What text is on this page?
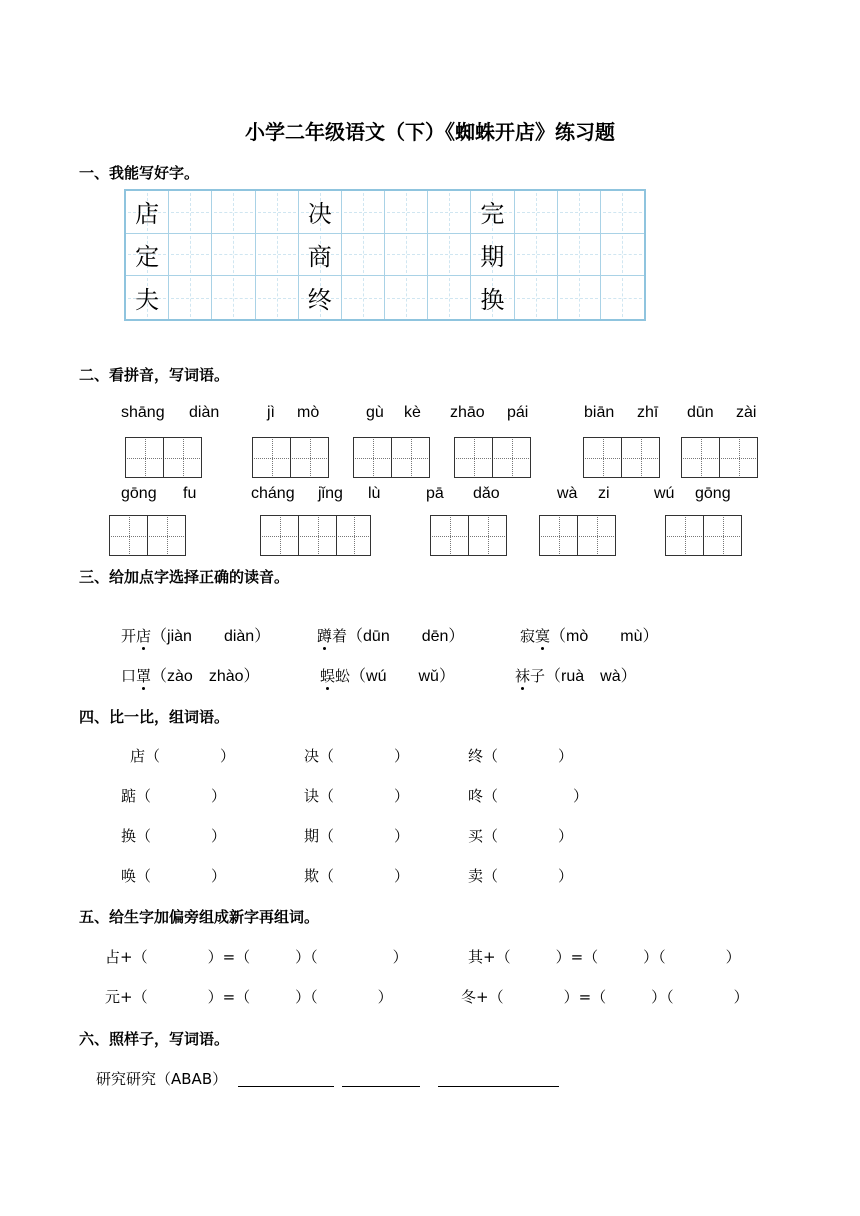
小学二年级语文（下）《蜘蛛开店》练习题
一、我能写好字。
店	决	完
定	商	期
夫	终	换
二、看拼音，写词语。
shāng diàn	jì mò	gù kè zhāo pái	biān zhī dūn zài
gōng fu	cháng jǐng lù	pā dǎo	wà zi	wú gōng
三、给加点字选择正确的读音。
开店（jiàn　　diàn）	蹲着（dūn　　dēn）	寂寞（mò　　mù）
口罩（zào　zhào）	蜈蚣（wú　　wǔ）	袜子（ruà　wà）
四、比一比，组词语。
店（　　　　）	决（　　　　）	终（　　　　）
踮（　　　　）	诀（　　　　）	咚（　　　　　）
换（　　　　）	期（　　　　）	买（　　　　）
唤（　　　　）	欺（　　　　）	卖（　　　　）
五、给生字加偏旁组成新字再组词。
占+（　　　　）=（　　　）（　　　　　）	其+（　　　）=（　　　）（　　　　）
元+（　　　　）=（　　　）（　　　　）	冬+（　　　　）=（　　　）（　　　　）
六、照样子，写词语。
研究研究（ABAB）
